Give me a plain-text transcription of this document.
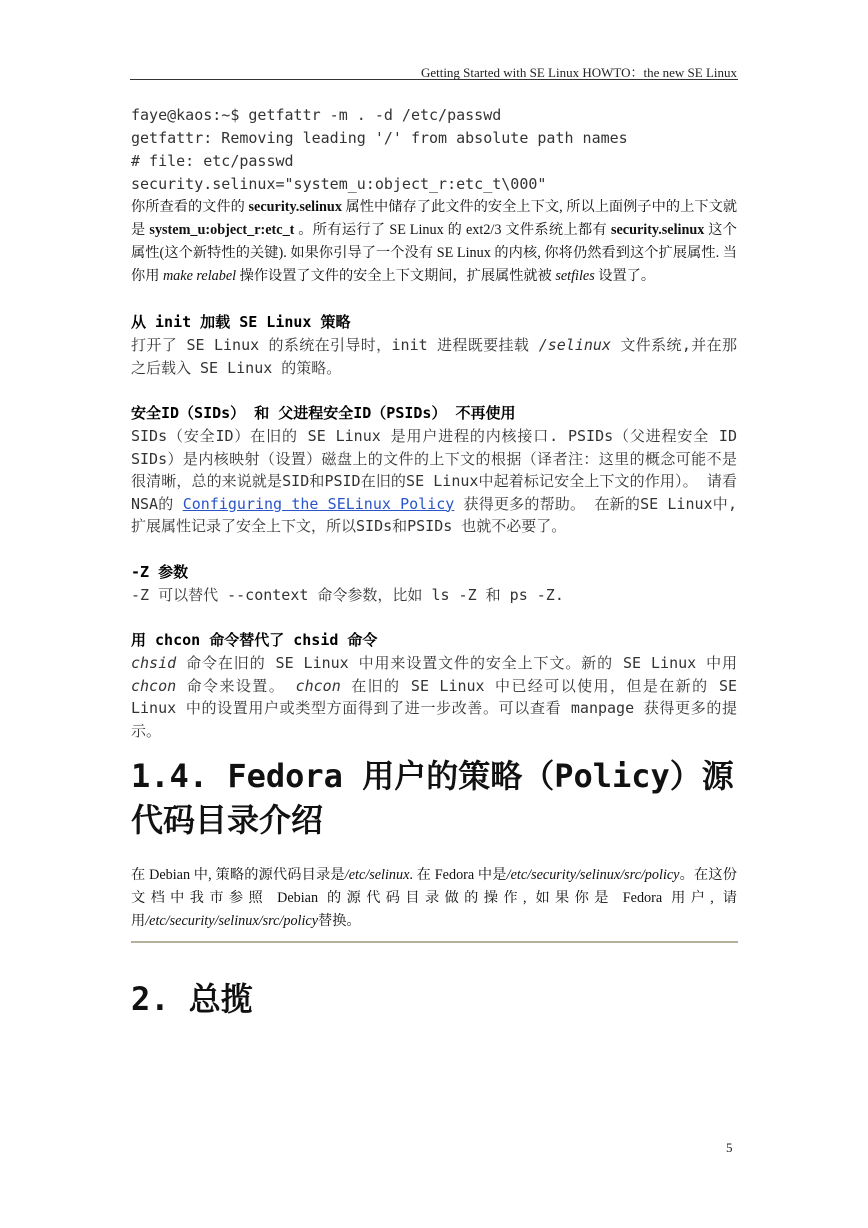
Getting Started with SE Linux HOWTO：the new SE Linux
faye@kaos:~$ getfattr -m . -d /etc/passwd
getfattr: Removing leading '/' from absolute path names
# file: etc/passwd
security.selinux="system_u:object_r:etc_t\000"
你所查看的文件的 security.selinux 属性中储存了此文件的安全上下文, 所以上面例子中的上下文就是 system_u:object_r:etc_t 。所有运行了 SE Linux 的 ext2/3 文件系统上都有 security.selinux 这个属性(这个新特性的关键). 如果你引导了一个没有 SE Linux 的内核, 你将仍然看到这个扩展属性. 当你用 make relabel 操作设置了文件的安全上下文期间，扩展属性就被 setfiles 设置了。
从 init 加载 SE Linux 策略
打开了 SE Linux 的系统在引导时，init 进程既要挂载 /selinux 文件系统,并在那之后载入 SE Linux 的策略。
安全ID（SIDs） 和 父进程安全ID（PSIDs） 不再使用
SIDs（安全ID）在旧的 SE Linux 是用户进程的内核接口. PSIDs（父进程安全 ID SIDs）是内核映射（设置）磁盘上的文件的上下文的根据（译者注：这里的概念可能不是很清晰，总的来说就是SID和PSID在旧的SE Linux中起着标记安全上下文的作用）。 请看NSA的 Configuring the SELinux Policy 获得更多的帮助。 在新的SE Linux中, 扩展属性记录了安全上下文，所以SIDs和PSIDs 也就不必要了。
-Z 参数
-Z 可以替代 --context 命令参数，比如 ls -Z 和 ps -Z.
用 chcon 命令替代了 chsid 命令
chsid 命令在旧的 SE Linux 中用来设置文件的安全上下文。新的 SE Linux 中用 chcon 命令来设置。 chcon 在旧的 SE Linux 中已经可以使用，但是在新的 SE Linux 中的设置用户或类型方面得到了进一步改善。可以查看 manpage 获得更多的提示。
1.4. Fedora 用户的策略（Policy）源代码目录介绍
在 Debian 中, 策略的源代码目录是/etc/selinux. 在 Fedora 中是/etc/security/selinux/src/policy。在这份文档中我市参照 Debian 的源代码目录做的操作, 如果你是 Fedora 用户, 请用/etc/security/selinux/src/policy替换。
2. 总揽
5
